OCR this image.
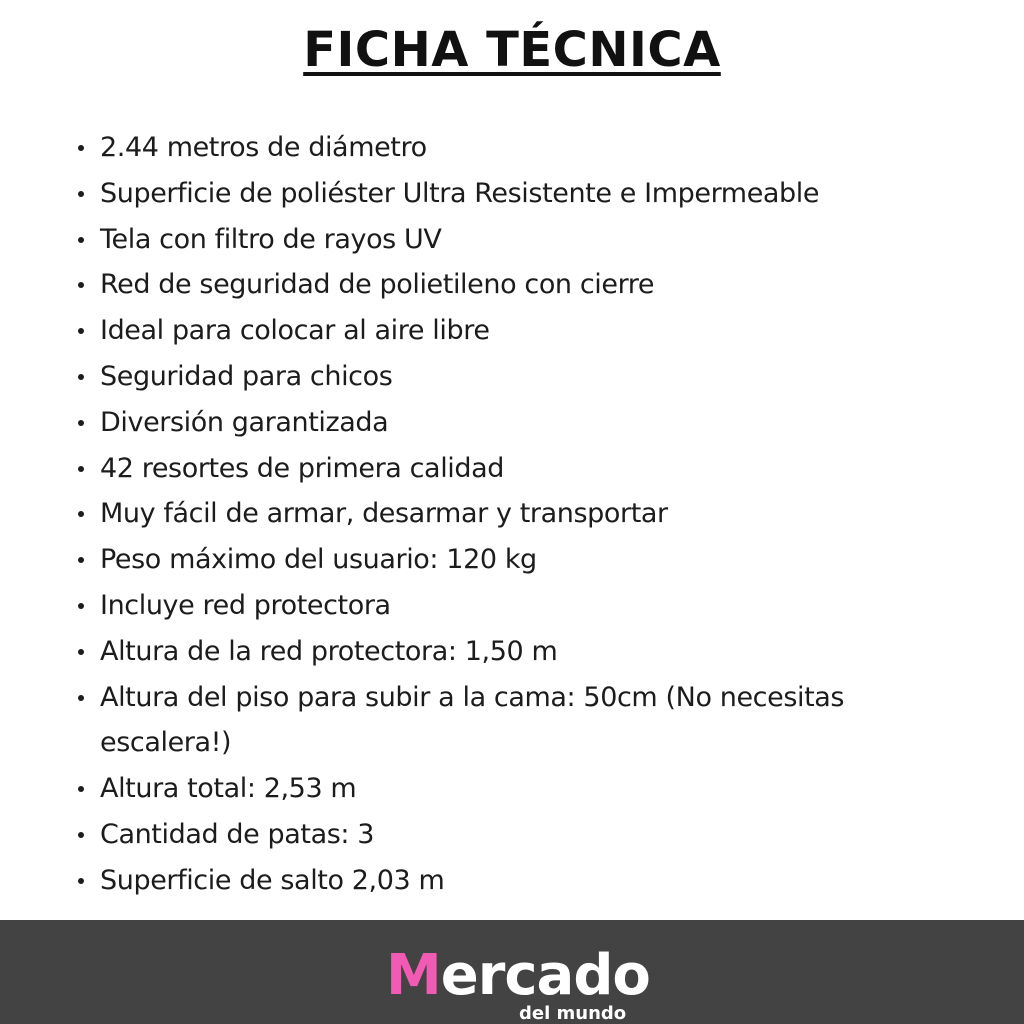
FICHA TÉCNICA
2.44 metros de diámetro
Superficie de poliéster Ultra Resistente e Impermeable
Tela con filtro de rayos UV
Red de seguridad de polietileno con cierre
Ideal para colocar al aire libre
Seguridad para chicos
Diversión garantizada
42 resortes de primera calidad
Muy fácil de armar, desarmar y transportar
Peso máximo del usuario: 120 kg
Incluye red protectora
Altura de la red protectora: 1,50 m
Altura del piso para subir a la cama: 50cm (No necesitas escalera!)
Altura total: 2,53 m
Cantidad de patas: 3
Superficie de salto 2,03 m
Mercado
del mundo
